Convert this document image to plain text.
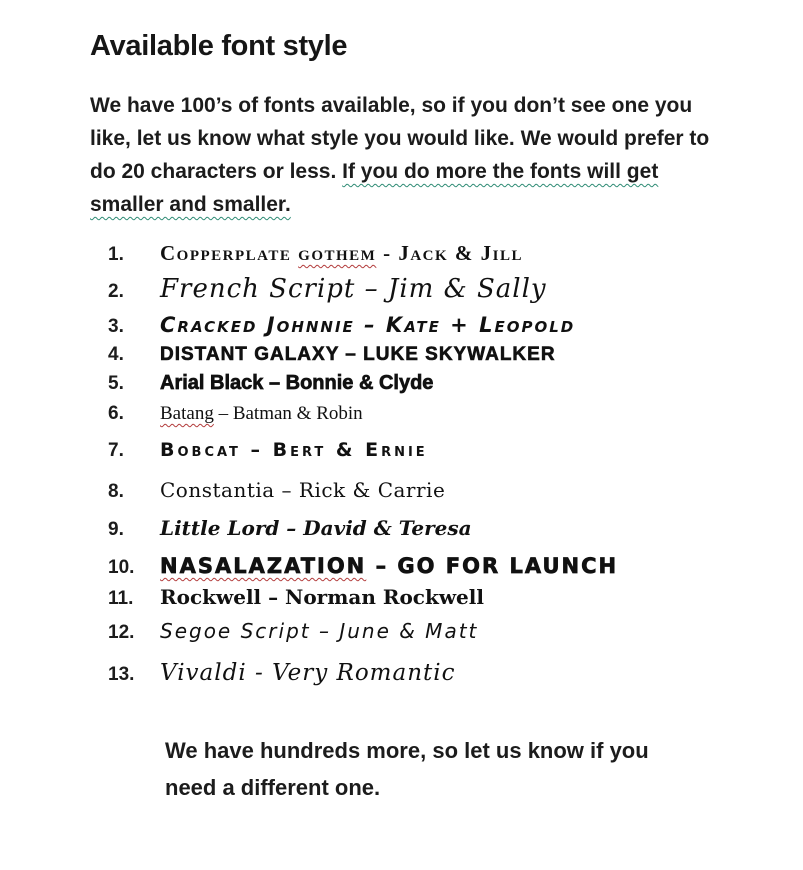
Available font style

We have 100’s of fonts available, so if you don’t see one you like, let us know what style you would like. We would prefer to do 20 characters or less. If you do more the fonts will get smaller and smaller.

1.	Copperplate gothem - Jack & Jill
2.	French Script – Jim & Sally
3.	Cracked Johnnie – Kate + Leopold
4.	DISTANT GALAXY – LUKE SKYWALKER
5.	Arial Black – Bonnie & Clyde
6.	Batang – Batman & Robin
7.	Bobcat – Bert & Ernie
8.	Constantia – Rick & Carrie
9.	Little Lord – David & Teresa
10.	NASALAZATION – GO FOR LAUNCH
11.	Rockwell – Norman Rockwell
12.	Segoe Script – June & Matt
13.	Vivaldi - Very Romantic

We have hundreds more, so let us know if you need a different one.
